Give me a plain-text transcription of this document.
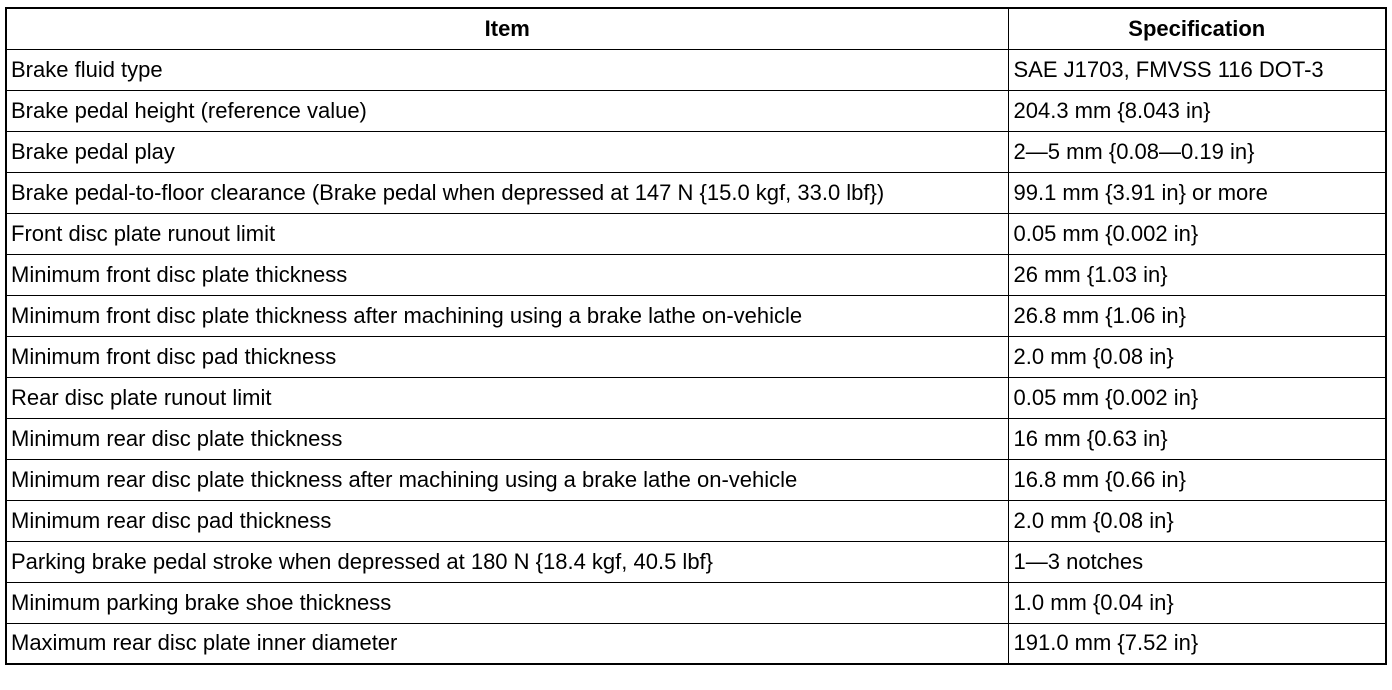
Item	Specification
Brake fluid type	SAE J1703, FMVSS 116 DOT-3
Brake pedal height (reference value)	204.3 mm {8.043 in}
Brake pedal play	2—5 mm {0.08—0.19 in}
Brake pedal-to-floor clearance (Brake pedal when depressed at 147 N {15.0 kgf, 33.0 lbf})	99.1 mm {3.91 in} or more
Front disc plate runout limit	0.05 mm {0.002 in}
Minimum front disc plate thickness	26 mm {1.03 in}
Minimum front disc plate thickness after machining using a brake lathe on-vehicle	26.8 mm {1.06 in}
Minimum front disc pad thickness	2.0 mm {0.08 in}
Rear disc plate runout limit	0.05 mm {0.002 in}
Minimum rear disc plate thickness	16 mm {0.63 in}
Minimum rear disc plate thickness after machining using a brake lathe on-vehicle	16.8 mm {0.66 in}
Minimum rear disc pad thickness	2.0 mm {0.08 in}
Parking brake pedal stroke when depressed at 180 N {18.4 kgf, 40.5 lbf}	1—3 notches
Minimum parking brake shoe thickness	1.0 mm {0.04 in}
Maximum rear disc plate inner diameter	191.0 mm {7.52 in}
